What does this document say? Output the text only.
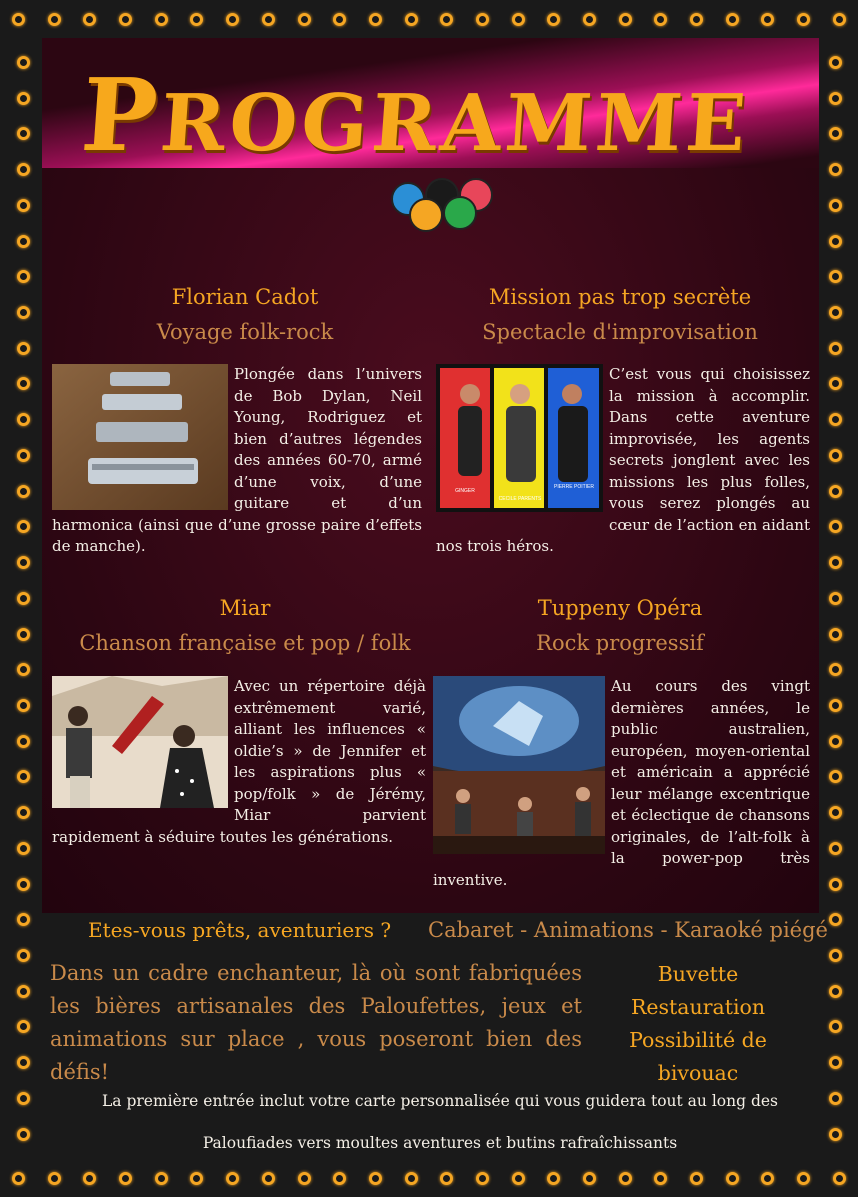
PROGRAMME
Florian Cadot
Voyage folk-rock
Plongée dans l’univers de Bob Dylan, Neil Young, Rodriguez et bien d’autres légendes des années 60-70, armé d’une voix, d’une guitare et d’un harmonica (ainsi que d’une grosse paire d’effets de manche).
Mission pas trop secrète
Spectacle d'improvisation
GINGER
CECILE PARENTS
PIERRE POITIER
C’est vous qui choisissez la mission à accomplir. Dans cette aventure improvisée, les agents secrets jonglent avec les missions les plus folles, vous serez plongés au cœur de l’action en aidant nos trois héros.
Miar
Chanson française et pop / folk
Avec un répertoire déjà extrêmement varié, alliant les influences « oldie’s » de Jennifer et les aspirations plus « pop/folk » de Jérémy, Miar parvient rapidement à séduire toutes les générations.
Tuppeny Opéra
Rock progressif
Au cours des vingt dernières années, le public australien, européen, moyen-oriental et américain a apprécié leur mélange excentrique et éclectique de chansons originales, de l’alt-folk à la power-pop très inventive.
Etes-vous prêts, aventuriers ? Cabaret - Animations - Karaoké piégé
Dans un cadre enchanteur, là où sont fabriquées les bières artisanales des Paloufettes, jeux et animations sur place , vous poseront bien des défis!
Buvette
Restauration
Possibilité de bivouac
La première entrée inclut votre carte personnalisée qui vous guidera tout au long des
Paloufiades vers moultes aventures et butins rafraîchissants
